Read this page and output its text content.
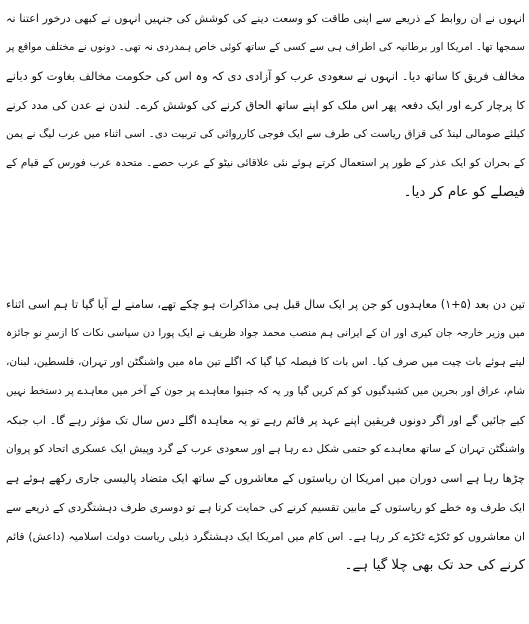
انہوں نے ان روابط کے ذریعے سے اپنی طاقت کو وسعت دینے کی کوشش کی جنہیں انہوں نے کبھی درخور اعتنا نہ
سمجھا تھا۔ امریکا اور برطانیہ کی اطراف ہی سے کسی کے ساتھ کوئی خاص ہمدردی نہ تھی۔ دونوں نے مختلف مواقع پر
مخالف فریق کا ساتھ دیا۔ انہوں نے سعودی عرب کو آزادی دی کہ وہ اس کی حکومت مخالف بغاوت کو دبانے
کا پرچار کرے اور ایک دفعہ پھر اس ملک کو اپنے ساتھ الحاق کرنے کی کوشش کرے۔ لندن نے عدن کی مدد کرنے
کیلئے صومالی لینڈ کی قزاق ریاست کی طرف سے ایک فوجی کارروائی کی تربیت دی۔ اسی اثناء میں عرب لیگ نے یمن
کے بحران کو ایک عذر کے طور پر استعمال کرتے ہوئے نئی علاقائی نیٹو کے عرب حصے۔ متحدہ عرب فورس کے قیام کے
فیصلے کو عام کر دیا۔
تین دن بعد (۵+۱) معاہدوں کو جن پر ایک سال قبل ہی مذاکرات ہو چکے تھے، سامنے لے آیا گیا تا ہم اسی اثناء
میں وزیر خارجہ جان کیری اور ان کے ایرانی ہم منصب محمد جواد ظریف نے ایک پورا دن سیاسی نکات کا ازسرِ نو جائزہ
لیتے ہوئے بات چیت میں صرف کیا۔ اس بات کا فیصلہ کیا گیا کہ اگلے تین ماہ میں واشنگٹن اور تہران، فلسطین، لبنان،
شام، عراق اور بحرین میں کشیدگیوں کو کم کریں گیا ور یہ کہ جنیوا معاہدے پر جون کے آخر میں معاہدے پر دستخط نہیں
کیے جائیں گے اور اگر دونوں فریقین اپنے عہد پر قائم رہے تو یہ معاہدہ اگلے دس سال تک مؤثر رہے گا۔ اب جبکہ
واشنگٹن تہران کے ساتھ معاہدے کو حتمی شکل دے رہا ہے اور سعودی عرب کے گرد وپیش ایک عسکری اتحاد کو پروان
چڑھا رہا ہے اسی دوران میں امریکا ان ریاستوں کے معاشروں کے ساتھ ایک متضاد پالیسی جاری رکھے ہوئے ہے
ایک طرف وہ خطے کو ریاستوں کے مابین تقسیم کرنے کی حمایت کرتا ہے تو دوسری طرف دہشتگردی کے ذریعے سے
ان معاشروں کو ٹکڑے ٹکڑے کر رہا ہے۔ اس کام میں امریکا ایک دہشتگرد ذیلی ریاست دولت اسلامیہ (داعش) قائم
کرنے کی حد تک بھی چلا گیا ہے۔
